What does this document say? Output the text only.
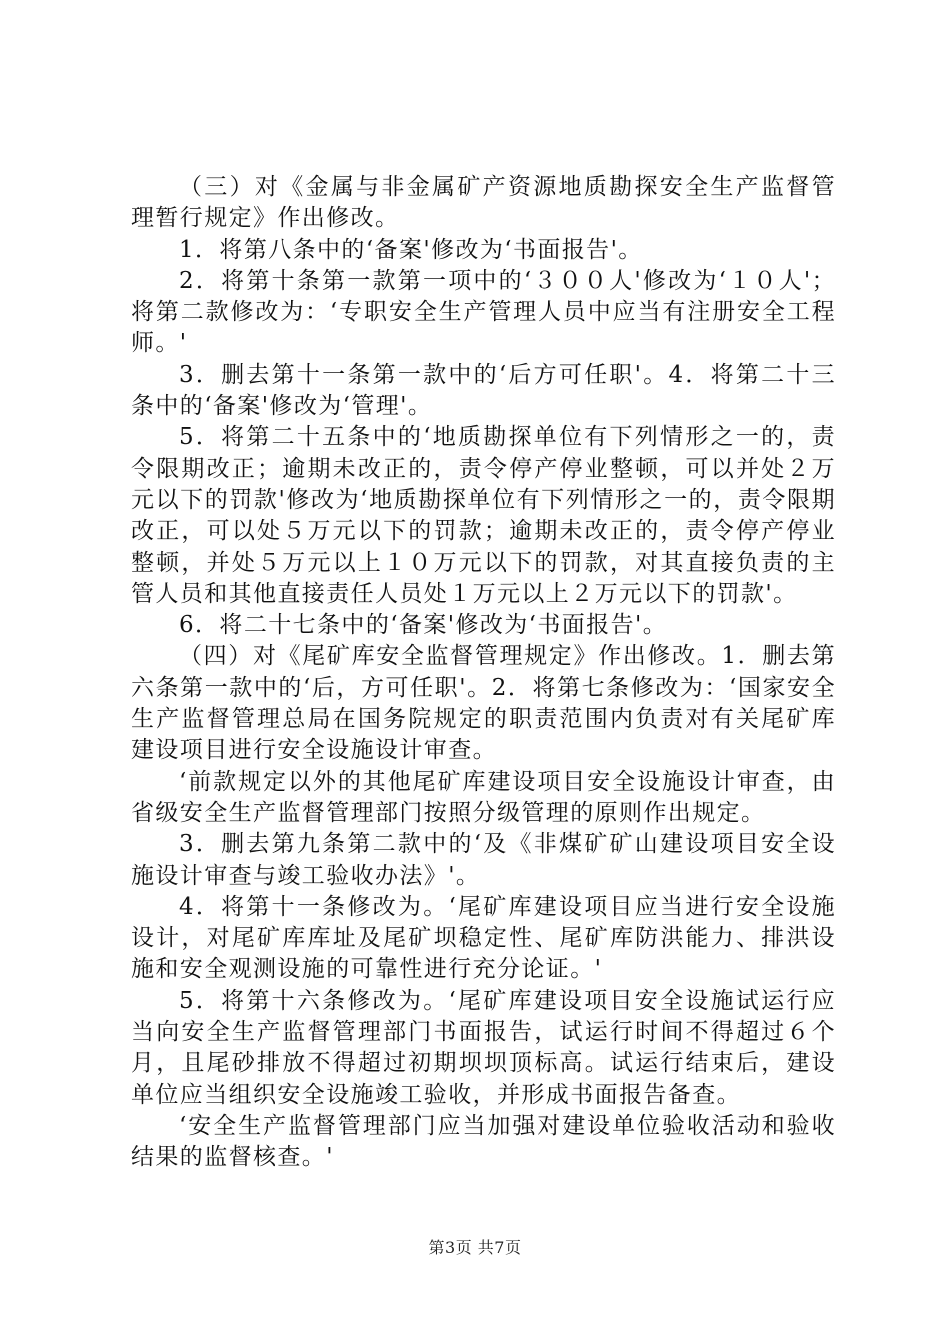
（三）对《金属与非金属矿产资源地质勘探安全生产监督管理暂行规定》作出修改。

1．将第八条中的‘备案'修改为‘书面报告'。

2．将第十条第一款第一项中的‘３００人'修改为‘１０人'；将第二款修改为：‘专职安全生产管理人员中应当有注册安全工程师。'

3．删去第十一条第一款中的‘后方可任职'。4．将第二十三条中的‘备案'修改为‘管理'。

5．将第二十五条中的‘地质勘探单位有下列情形之一的，责令限期改正；逾期未改正的，责令停产停业整顿，可以并处２万元以下的罚款'修改为‘地质勘探单位有下列情形之一的，责令限期改正，可以处５万元以下的罚款；逾期未改正的，责令停产停业整顿，并处５万元以上１０万元以下的罚款，对其直接负责的主管人员和其他直接责任人员处１万元以上２万元以下的罚款'。

6．将二十七条中的‘备案'修改为‘书面报告'。

（四）对《尾矿库安全监督管理规定》作出修改。1．删去第六条第一款中的‘后，方可任职'。2．将第七条修改为：‘国家安全生产监督管理总局在国务院规定的职责范围内负责对有关尾矿库建设项目进行安全设施设计审查。

‘前款规定以外的其他尾矿库建设项目安全设施设计审查，由省级安全生产监督管理部门按照分级管理的原则作出规定。

3．删去第九条第二款中的‘及《非煤矿矿山建设项目安全设施设计审查与竣工验收办法》'。

4．将第十一条修改为。‘尾矿库建设项目应当进行安全设施设计，对尾矿库库址及尾矿坝稳定性、尾矿库防洪能力、排洪设施和安全观测设施的可靠性进行充分论证。'

5．将第十六条修改为。‘尾矿库建设项目安全设施试运行应当向安全生产监督管理部门书面报告，试运行时间不得超过６个月，且尾砂排放不得超过初期坝坝顶标高。试运行结束后，建设单位应当组织安全设施竣工验收，并形成书面报告备查。

‘安全生产监督管理部门应当加强对建设单位验收活动和验收结果的监督核查。'

第3页 共7页
